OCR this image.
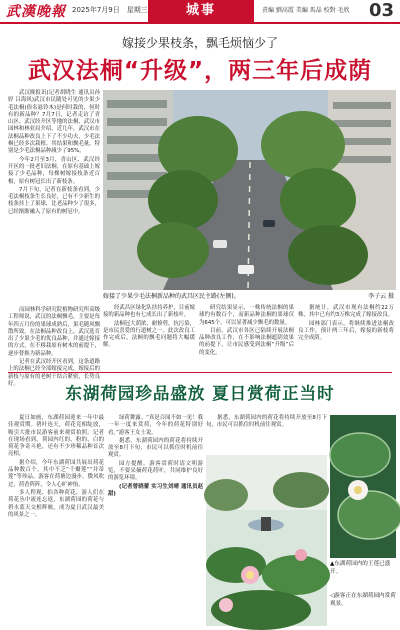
武漢晚報 2025年7月9日　星期三	城事	責編 劉高霞 美編 馬晶 校對 毛欣 03
嫁接少果枝条，飘毛烦恼少了
武汉法桐“升级”，两三年后成荫

武汉晚报讯(记者胡晓生 通讯员孙婷 吕海风)武汉市民随处可见的少果少毛法桐(俗名悬铃木)是何时栽的、何时有的新品种？7月7日，记者走访了青山区、武汉经开区等地的法桐，武汉市园林和林业局介绍，近几年，武汉市在法桐品种改良上下了不少功夫，少毛法桐已经多次栽植。其结果和飘毛量，特别是少毛法桐品种减少了95%。

今年2月至3月，青山区、武汉经开区的一批老旧法桐，在原有基础上嫁接了少毛品种，每棵树嫁接枝条近百根，原有树冠长出了新枝条。

7月下旬，记者在新枝条看到，少毛法桐枝条生长良好，已有不少新生的枝条挂上了果球，比老品种少了很多，已经渐渐融入了原有的树冠中。

而园林科学研究院植物研究所高级工程师说，武汉的法桐飘毛，主要是每年四五月份的果球成熟后，果毛随风飘散所致。在法桐品种改良上，武汉选育出了少果少毛的优良品种，并通过嫁接的方式，在不移栽原有树木的前提下，逐步替换为新品种。

记者在武汉经开区看到，这条道路上的法桐已经全部嫁接完成，嫁接后的新枝与原有的老树干结合紧密，长势良好。

嫁接了少果少毛法桐新品种的武昌区民主路(左侧)。	李子云 摄

经武昌区绿化队扶持养护，目前嫁接的新品种也有七成长出了新枝叶。

法桐冠大荫浓，耐修剪，抗污染，是市民喜爱的行道树之一。此次改良工作完成后，法桐的飘毛问题将大幅缓解。

研究结果显示，一株传统法桐的果球约有数百个，而新品种法桐的果球仅为645个，可以显著减少飘毛的数量。

目前，武汉市各区已陆续开展法桐品种改良工作，在不影响法桐遮阴效果的前提下，让市民感受到法桐“升级”后的变化。

据统计，武汉市现有法桐约22万株，其中已有约3万株完成了嫁接改良。

园林部门表示，将继续推进法桐改良工作，预计两三年后，嫁接的新枝将完全成荫。

东湖荷园珍品盛放 夏日赏荷正当时

夏日如画，东湖荷园迎来一年中最佳观赏期。碧叶连天，荷花竞相绽放，吸引大批市民游客前来观赏拍照。记者在现场看到，荷园内红的、粉的、白的荷花争奇斗艳，还有不少珍稀品种首次亮相。

据介绍，今年东湖荷园共展出荷花品种数百个，其中不乏“千瓣莲”“并蒂莲”等珍品。游客在荷塘边漫步，微风吹过，荷香阵阵，令人心旷神怡。

多人程观、拍各种荷花，游人们在荷花丛中流连忘返，东湖荷园的荷花与碧水蓝天交相辉映，成为夏日武汉最美的风景之一。

绿荷舞露。“真是百闻不如一见！我一年一度来赏荷，今年的荷花特别好看。”游客王女士说。

据悉，东湖荷园内的荷花将持续开放至8月下旬，市民可以抓住时机前往观赏。

园方提醒，游客赏荷时请文明游览，不要采摘荷花荷叶，共同维护良好的游览环境。

(记者曾晓蕾 实习生刘晴 通讯员赵甜)

据悉，东湖荷园内的荷花将持续开放至8月下旬，市民可以抓住时机前往观赏。

▲东湖荷园内的王莲已盛开。
◁游客正在东湖荷园内赏荷观景。
